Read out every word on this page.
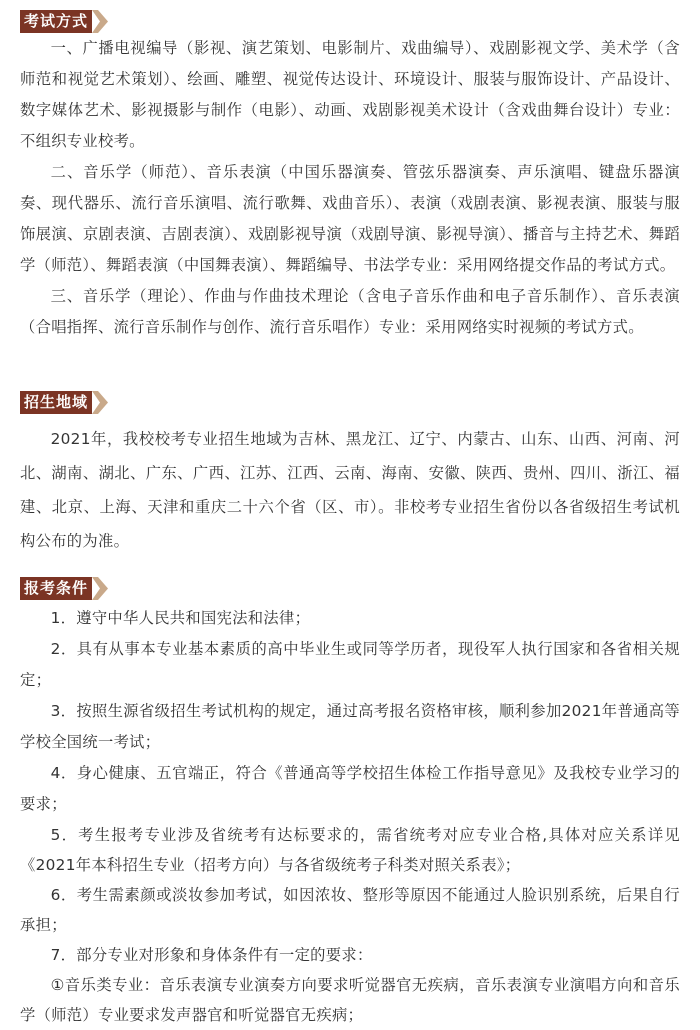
考试方式

一、广播电视编导（影视、演艺策划、电影制片、戏曲编导）、戏剧影视文学、美术学（含师范和视觉艺术策划）、绘画、雕塑、视觉传达设计、环境设计、服装与服饰设计、产品设计、数字媒体艺术、影视摄影与制作（电影）、动画、戏剧影视美术设计（含戏曲舞台设计）专业：不组织专业校考。

二、音乐学（师范）、音乐表演（中国乐器演奏、管弦乐器演奏、声乐演唱、键盘乐器演奏、现代器乐、流行音乐演唱、流行歌舞、戏曲音乐）、表演（戏剧表演、影视表演、服装与服饰展演、京剧表演、吉剧表演）、戏剧影视导演（戏剧导演、影视导演）、播音与主持艺术、舞蹈学（师范）、舞蹈表演（中国舞表演）、舞蹈编导、书法学专业：采用网络提交作品的考试方式。

三、音乐学（理论）、作曲与作曲技术理论（含电子音乐作曲和电子音乐制作）、音乐表演（合唱指挥、流行音乐制作与创作、流行音乐唱作）专业：采用网络实时视频的考试方式。

招生地域

2021年，我校校考专业招生地域为吉林、黑龙江、辽宁、内蒙古、山东、山西、河南、河北、湖南、湖北、广东、广西、江苏、江西、云南、海南、安徽、陕西、贵州、四川、浙江、福建、北京、上海、天津和重庆二十六个省（区、市）。非校考专业招生省份以各省级招生考试机构公布的为准。

报考条件

1．遵守中华人民共和国宪法和法律；

2．具有从事本专业基本素质的高中毕业生或同等学历者，现役军人执行国家和各省相关规定；

3．按照生源省级招生考试机构的规定，通过高考报名资格审核，顺利参加2021年普通高等学校全国统一考试；

4．身心健康、五官端正，符合《普通高等学校招生体检工作指导意见》及我校专业学习的要求；

5．考生报考专业涉及省统考有达标要求的，需省统考对应专业合格,具体对应关系详见《2021年本科招生专业（招考方向）与各省级统考子科类对照关系表》；

6．考生需素颜或淡妆参加考试，如因浓妆、整形等原因不能通过人脸识别系统，后果自行承担；

7．部分专业对形象和身体条件有一定的要求：

①音乐类专业：音乐表演专业演奏方向要求听觉器官无疾病，音乐表演专业演唱方向和音乐学（师范）专业要求发声器官和听觉器官无疾病；
